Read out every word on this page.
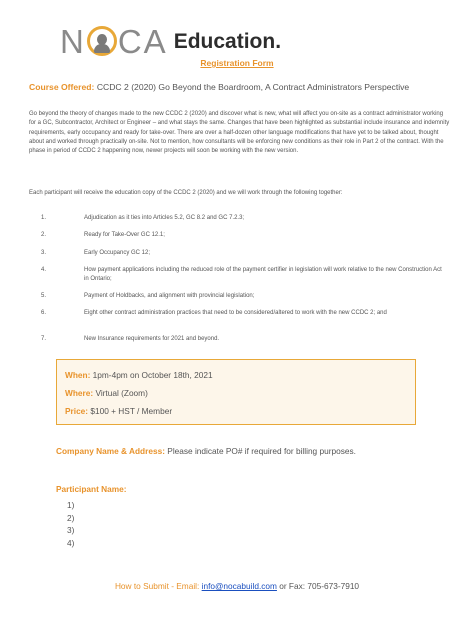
N CA Education.
Registration Form
Course Offered: CCDC 2 (2020) Go Beyond the Boardroom, A Contract Administrators Perspective
Go beyond the theory of changes made to the new CCDC 2 (2020) and discover what is new, what will affect you on-site as a contract administrator working for a GC, Subcontractor, Architect or Engineer – and what stays the same. Changes that have been highlighted as substantial include insurance and indemnity requirements, early occupancy and ready for take-over. There are over a half-dozen other language modifications that have yet to be talked about, thought about and worked through practically on-site. Not to mention, how consultants will be enforcing new conditions as their role in Part 2 of the contract. With the phase in period of CCDC 2 happening now, newer projects will soon be working with the new version.
Each participant will receive the education copy of the CCDC 2 (2020) and we will work through the following together:
1.	Adjudication as it ties into Articles 5.2, GC 8.2 and GC 7.2.3;
2.	Ready for Take-Over GC 12.1;
3.	Early Occupancy GC 12;
4.	How payment applications including the reduced role of the payment certifier in legislation will work relative to the new Construction Act in Ontario;
5.	Payment of Holdbacks, and alignment with provincial legislation;
6.	Eight other contract administration practices that need to be considered/altered to work with the new CCDC 2; and
7.	New Insurance requirements for 2021 and beyond.
When: 1pm-4pm on October 18th, 2021
Where: Virtual (Zoom)
Price: $100 + HST / Member
Company Name & Address: Please indicate PO# if required for billing purposes.
Participant Name:
1)
2)
3)
4)
How to Submit - Email: info@nocabuild.com or Fax: 705-673-7910
